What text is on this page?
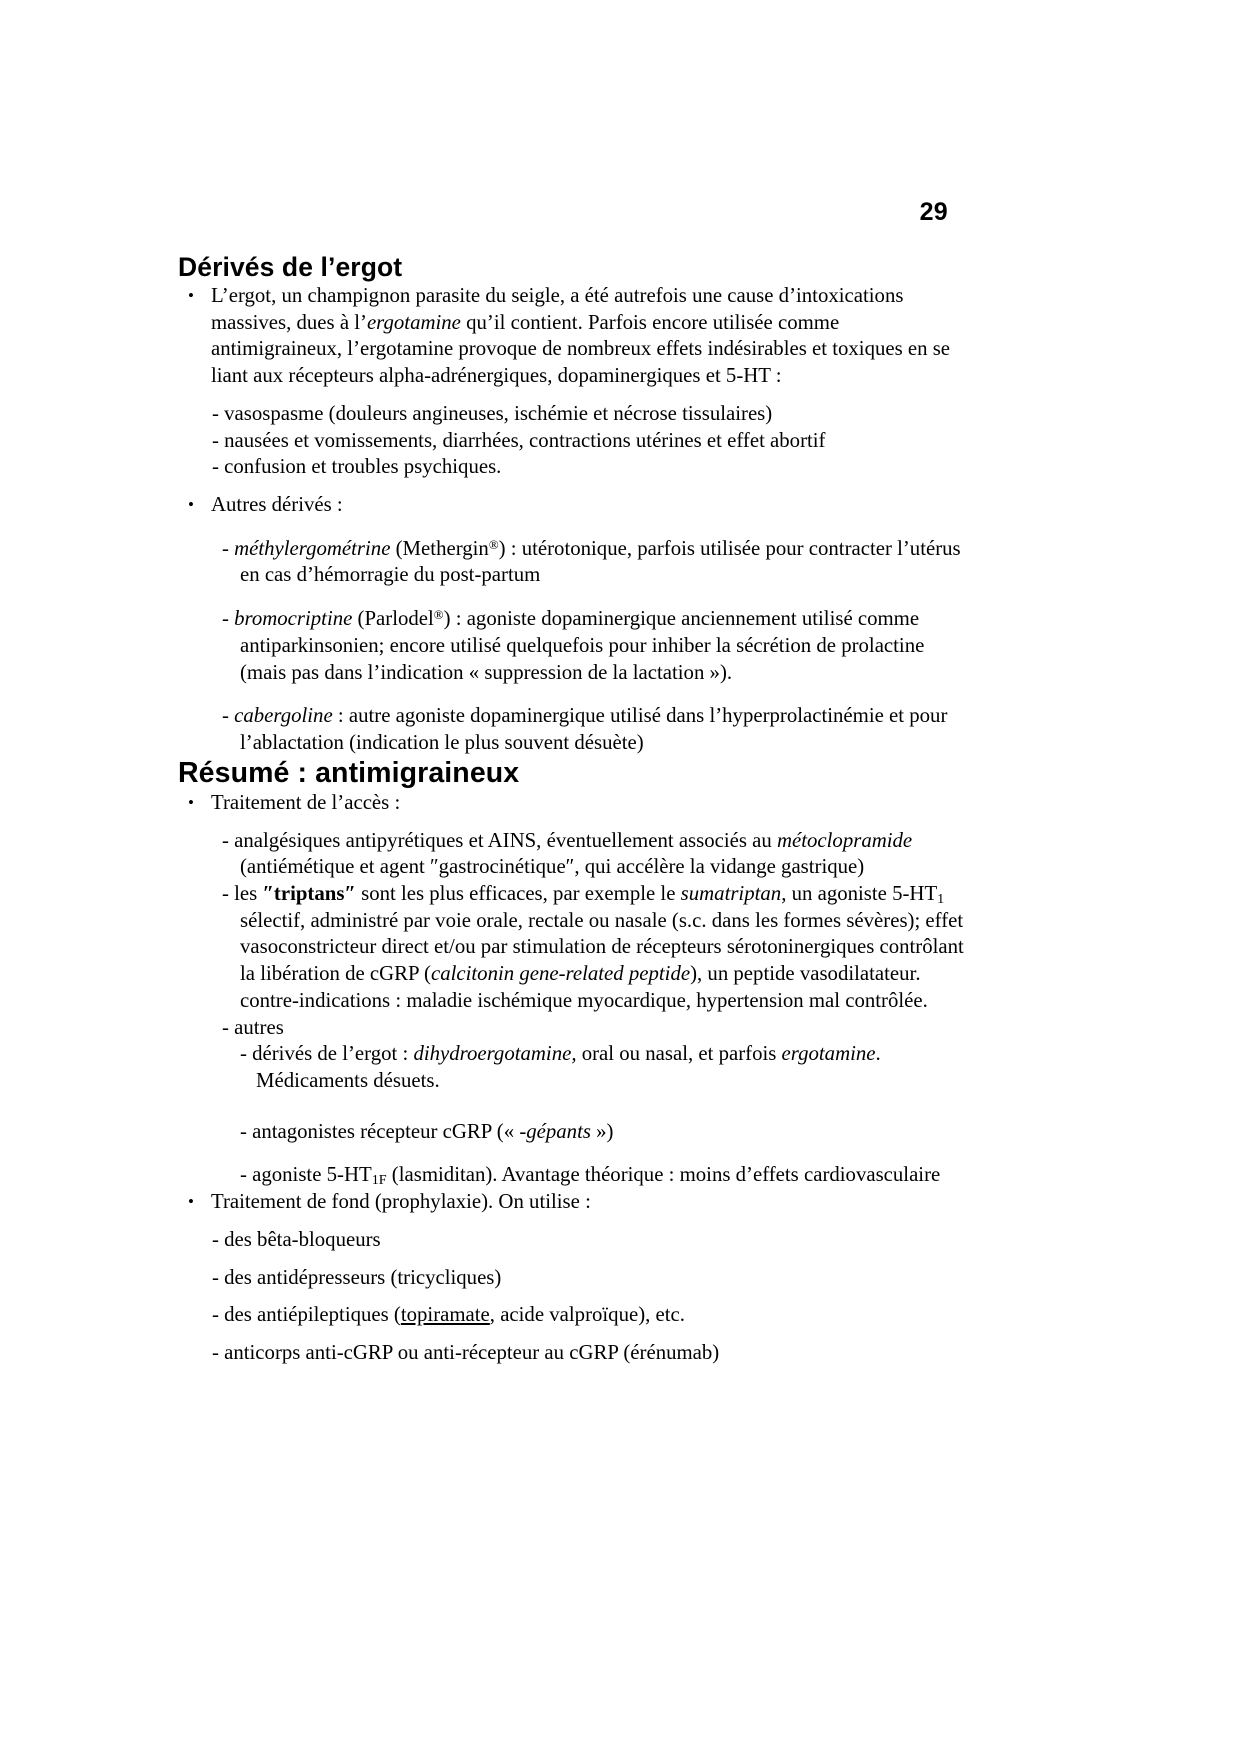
29
Dérivés de l’ergot

• L’ergot, un champignon parasite du seigle, a été autrefois une cause d’intoxications massives, dues à l’ergotamine qu’il contient. Parfois encore utilisée comme antimigraineux, l’ergotamine provoque de nombreux effets indésirables et toxiques en se liant aux récepteurs alpha-adrénergiques, dopaminergiques et 5-HT :

- vasospasme (douleurs angineuses, ischémie et nécrose tissulaires)

- nausées et vomissements, diarrhées, contractions utérines et effet abortif

- confusion et troubles psychiques.

• Autres dérivés :

- méthylergométrine (Methergin®) : utérotonique, parfois utilisée pour contracter l’utérus en cas d’hémorragie du post-partum

- bromocriptine (Parlodel®) : agoniste dopaminergique anciennement utilisé comme antiparkinsonien; encore utilisé quelquefois pour inhiber la sécrétion de prolactine (mais pas dans l’indication « suppression de la lactation »).

- cabergoline : autre agoniste dopaminergique utilisé dans l’hyperprolactinémie et pour l’ablactation (indication le plus souvent désuète)

Résumé : antimigraineux

• Traitement de l’accès :

- analgésiques antipyrétiques et AINS, éventuellement associés au métoclopramide (antiémétique et agent ″gastrocinétique″, qui accélère la vidange gastrique)

- les ″triptans″ sont les plus efficaces, par exemple le sumatriptan, un agoniste $5-HT_1$ sélectif, administré par voie orale, rectale ou nasale (s.c. dans les formes sévères); effet vasoconstricteur direct et/ou par stimulation de récepteurs sérotoninergiques contrôlant la libération de cGRP (calcitonin gene-related peptide), un peptide vasodilatateur.
contre-indications : maladie ischémique myocardique, hypertension mal contrôlée.

- autres

- dérivés de l’ergot : dihydroergotamine, oral ou nasal, et parfois ergotamine.
Médicaments désuets.

- antagonistes récepteur cGRP (« -gépants »)

- agoniste $5-HT_{1F}$ (lasmiditan). Avantage théorique : moins d’effets cardiovasculaire

• Traitement de fond (prophylaxie). On utilise :

- des bêta-bloqueurs

- des antidépresseurs (tricycliques)

- des antiépileptiques (topiramate, acide valproïque), etc.

- anticorps anti-cGRP ou anti-récepteur au cGRP (érénumab)
